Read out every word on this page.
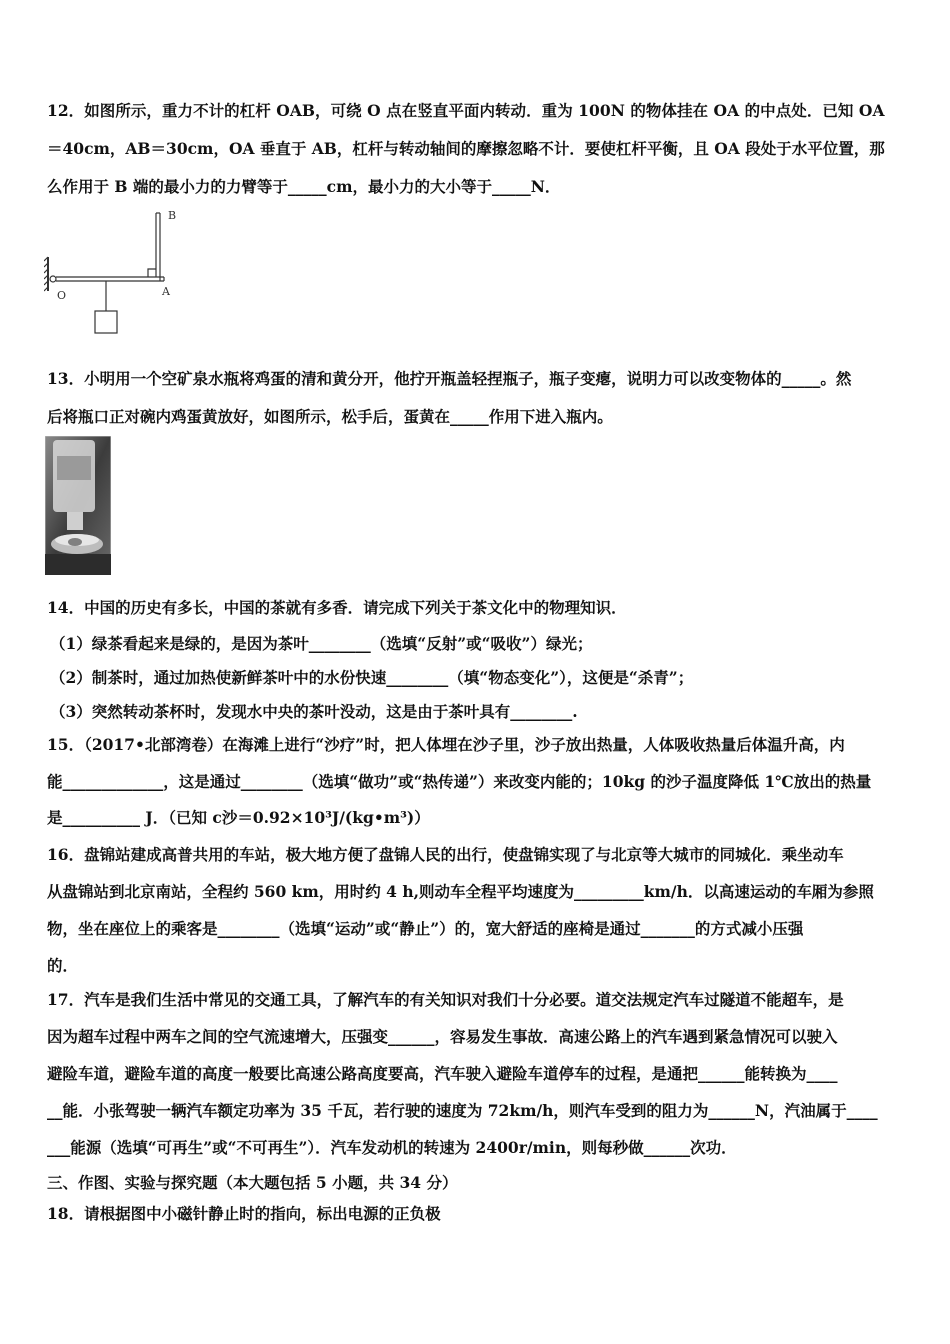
12．如图所示，重力不计的杠杆 OAB，可绕 O 点在竖直平面内转动．重为 100N 的物体挂在 OA 的中点处．已知 OA
＝40cm，AB＝30cm，OA 垂直于 AB，杠杆与转动轴间的摩擦忽略不计．要使杠杆平衡，且 OA 段处于水平位置，那
么作用于 B 端的最小力的力臂等于_____cm，最小力的大小等于_____N．
B
O	A
13．小明用一个空矿泉水瓶将鸡蛋的清和黄分开，他拧开瓶盖轻捏瓶子，瓶子变瘪，说明力可以改变物体的_____。然
后将瓶口正对碗内鸡蛋黄放好，如图所示，松手后，蛋黄在_____作用下进入瓶内。
14．中国的历史有多长，中国的茶就有多香．请完成下列关于茶文化中的物理知识．
（1）绿茶看起来是绿的，是因为茶叶________（选填“反射”或“吸收”）绿光；
（2）制茶时，通过加热使新鲜茶叶中的水份快速________（填“物态变化”），这便是“杀青”；
（3）突然转动茶杯时，发现水中央的茶叶没动，这是由于茶叶具有________.
15．（2017•北部湾卷）在海滩上进行“沙疗”时，把人体埋在沙子里，沙子放出热量，人体吸收热量后体温升高，内
能_____________，这是通过________（选填“做功”或“热传递”）来改变内能的；10kg 的沙子温度降低 1℃放出的热量
是__________ J．（已知 c沙＝0.92×10³J/(kg•m³)）
16．盘锦站建成高普共用的车站，极大地方便了盘锦人民的出行，使盘锦实现了与北京等大城市的同城化．乘坐动车
从盘锦站到北京南站，全程约 560 km，用时约 4 h,则动车全程平均速度为_________km/h．以高速运动的车厢为参照
物，坐在座位上的乘客是________（选填“运动”或“静止”）的，宽大舒适的座椅是通过_______的方式减小压强
的．
17．汽车是我们生活中常见的交通工具，了解汽车的有关知识对我们十分必要。道交法规定汽车过隧道不能超车，是
因为超车过程中两车之间的空气流速增大，压强变______，容易发生事故．高速公路上的汽车遇到紧急情况可以驶入
避险车道，避险车道的高度一般要比高速公路高度要高，汽车驶入避险车道停车的过程，是通把______能转换为____
__能．小张驾驶一辆汽车额定功率为 35 千瓦，若行驶的速度为 72km/h，则汽车受到的阻力为______N，汽油属于____
___能源（选填“可再生”或“不可再生”）．汽车发动机的转速为 2400r/min，则每秒做______次功．
三、作图、实验与探究题（本大题包括 5 小题，共 34 分）
18．请根据图中小磁针静止时的指向，标出电源的正负极
